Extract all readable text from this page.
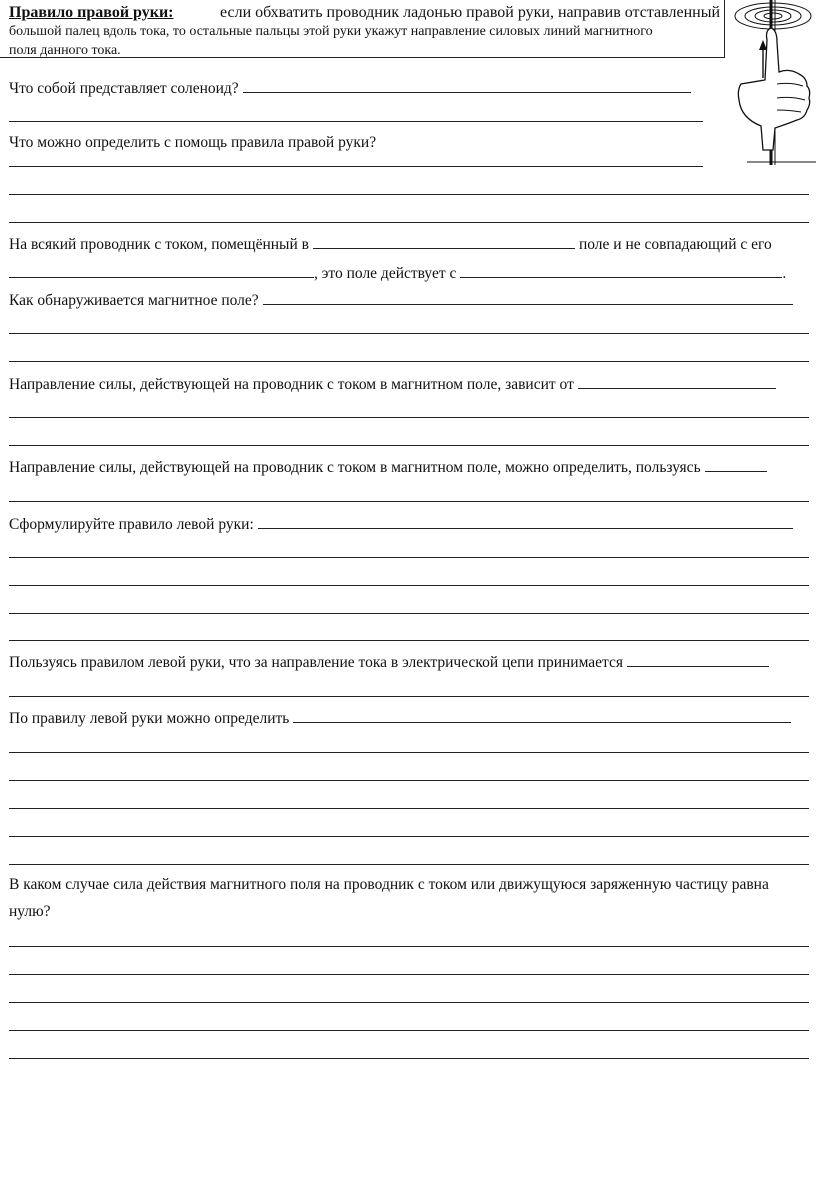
Правило правой руки:	если обхватить проводник ладонью правой руки, направив отставленный
большой палец вдоль тока, то остальные пальцы этой руки укажут направление силовых линий магнитного
поля данного тока.
Что собой представляет соленоид?
Что можно определить с помощь правила правой руки?
На всякий проводник с током, помещённый в	поле и не совпадающий с его
, это поле действует с	.
Как обнаруживается магнитное поле?
Направление силы, действующей на проводник с током в магнитном поле, зависит от
Направление силы, действующей на проводник с током в магнитном поле, можно определить, пользуясь
Сформулируйте правило левой руки:
Пользуясь правилом левой руки, что за направление тока в электрической цепи принимается
По правилу левой руки можно определить
В каком случае сила действия магнитного поля на проводник с током или движущуюся заряженную частицу равна
нулю?
